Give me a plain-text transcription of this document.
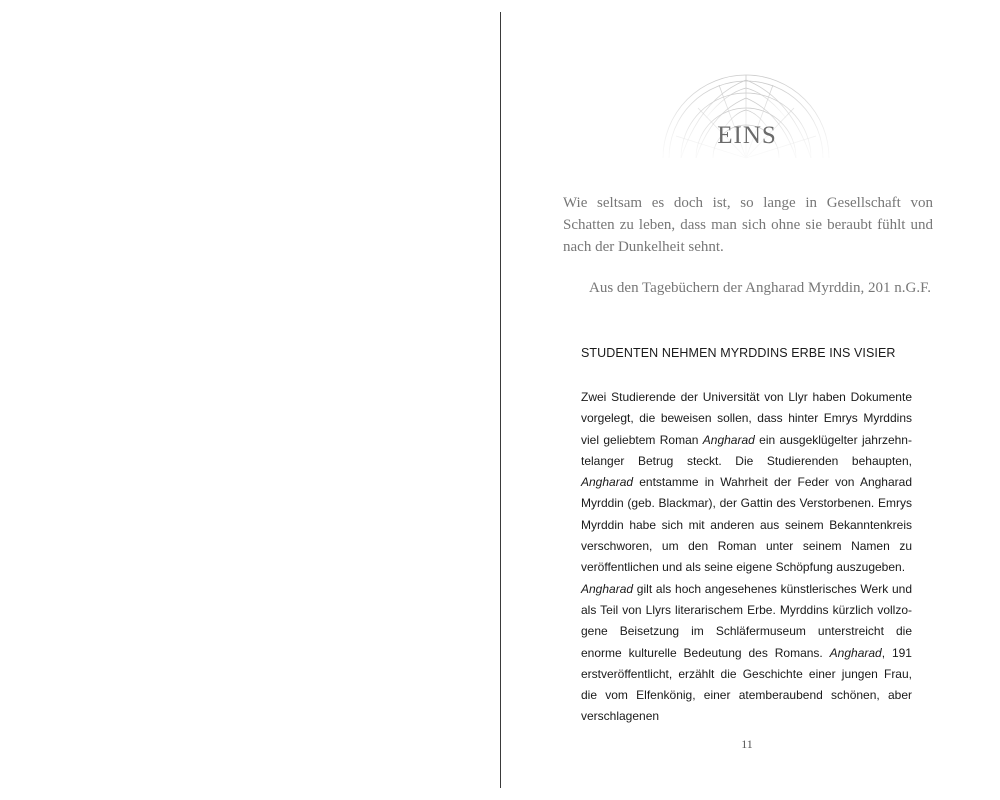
EINS

Wie seltsam es doch ist, so lange in Gesellschaft von Schatten zu leben, dass man sich ohne sie beraubt fühlt und nach der Dunkelheit sehnt.

Aus den Tagebüchern der Angharad Myrddin, 201 n.G.F.

STUDENTEN NEHMEN MYRDDINS ERBE INS VISIER

Zwei Studierende der Universität von Llyr haben Dokumente vorgelegt, die beweisen sollen, dass hinter Emrys Myrddins viel geliebtem Roman Angharad ein ausgeklügelter jahrzehntelanger Betrug steckt. Die Studierenden behaupten, Angharad entstamme in Wahrheit der Feder von Angharad Myrddin (geb. Blackmar), der Gattin des Verstorbenen. Emrys Myrddin habe sich mit anderen aus seinem Bekanntenkreis verschworen, um den Roman unter seinem Namen zu veröffentlichen und als seine eigene Schöpfung auszugeben.

Angharad gilt als hoch angesehenes künstlerisches Werk und als Teil von Llyrs literarischem Erbe. Myrddins kürzlich vollzogene Beisetzung im Schläfermuseum unterstreicht die enorme kulturelle Bedeutung des Romans. Angharad, 191 erstveröffentlicht, erzählt die Geschichte einer jungen Frau, die vom Elfenkönig, einer atemberaubend schönen, aber verschlagenen

11
